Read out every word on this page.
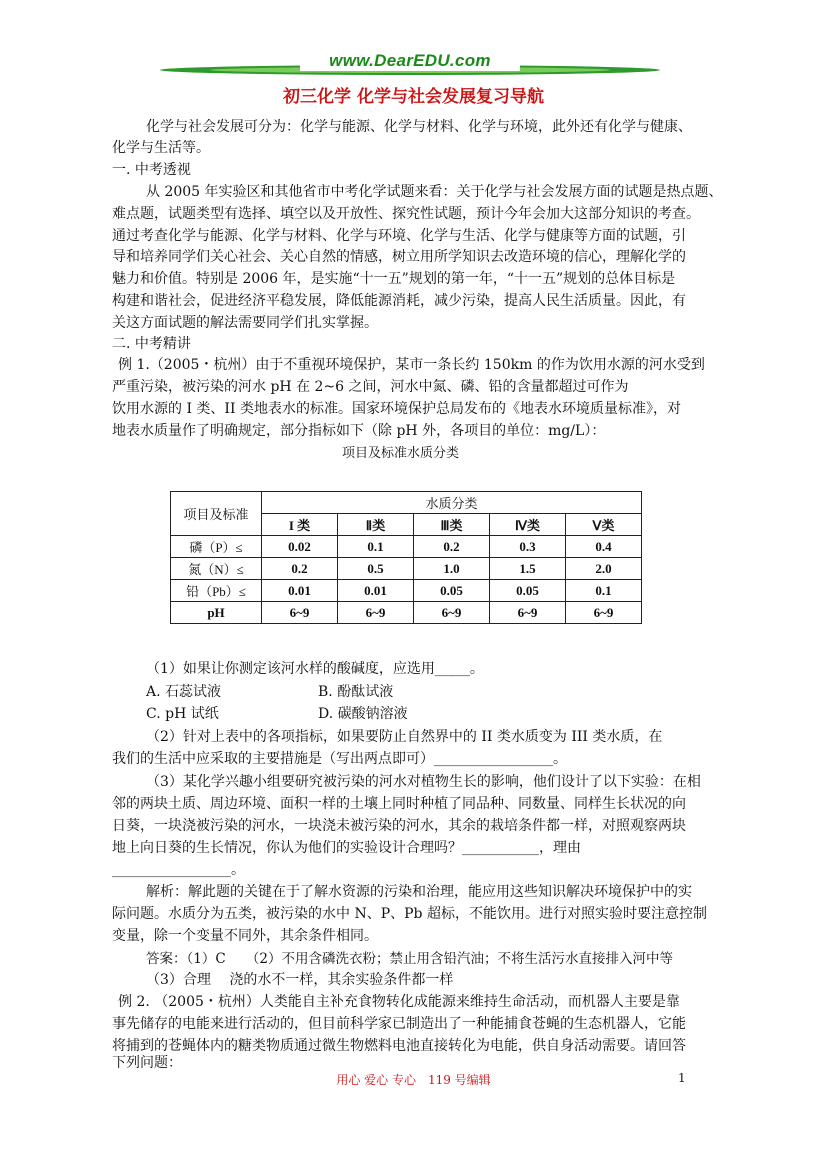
www.DearEDU.com
初三化学 化学与社会发展复习导航
化学与社会发展可分为：化学与能源、化学与材料、化学与环境，此外还有化学与健康、
化学与生活等。
一. 中考透视
从 2005 年实验区和其他省市中考化学试题来看：关于化学与社会发展方面的试题是热点题、
难点题，试题类型有选择、填空以及开放性、探究性试题，预计今年会加大这部分知识的考查。
通过考查化学与能源、化学与材料、化学与环境、化学与生活、化学与健康等方面的试题，引
导和培养同学们关心社会、关心自然的情感，树立用所学知识去改造环境的信心，理解化学的
魅力和价值。特别是 2006 年，是实施“十一五”规划的第一年，“十一五”规划的总体目标是
构建和谐社会，促进经济平稳发展，降低能源消耗，减少污染，提高人民生活质量。因此，有
关这方面试题的解法需要同学们扎实掌握。
二. 中考精讲
例 1.（2005・杭州）由于不重视环境保护，某市一条长约 150km 的作为饮用水源的河水受到
严重污染，被污染的河水 pH 在 2~6 之间，河水中氮、磷、铅的含量都超过可作为
饮用水源的 I 类、II 类地表水的标准。国家环境保护总局发布的《地表水环境质量标准》，对
地表水质量作了明确规定，部分指标如下（除 pH 外，各项目的单位：mg/L）：
项目及标准水质分类
项目及标准	水质分类				
	I 类	Ⅱ类	Ⅲ类	Ⅳ类	Ⅴ类
磷（P）≤	0.02	0.1	0.2	0.3	0.4
氮（N）≤	0.2	0.5	1.0	1.5	2.0
铅（Pb）≤	0.01	0.01	0.05	0.05	0.1
pH	6~9	6~9	6~9	6~9	6~9
（1）如果让你测定该河水样的酸碱度，应选用_____。
A. 石蕊试液	B. 酚酞试液
C. pH 试纸	D. 碳酸钠溶液
（2）针对上表中的各项指标，如果要防止自然界中的 II 类水质变为 III 类水质，在
我们的生活中应采取的主要措施是（写出两点即可）_________________。
（3）某化学兴趣小组要研究被污染的河水对植物生长的影响，他们设计了以下实验：在相
邻的两块土质、周边环境、面积一样的土壤上同时种植了同品种、同数量、同样生长状况的向
日葵，一块浇被污染的河水，一块浇未被污染的河水，其余的栽培条件都一样，对照观察两块
地上向日葵的生长情况，你认为他们的实验设计合理吗？___________，理由
_________________。
解析：解此题的关键在于了解水资源的污染和治理，能应用这些知识解决环境保护中的实
际问题。水质分为五类，被污染的水中 N、P、Pb 超标，不能饮用。进行对照实验时要注意控制
变量，除一个变量不同外，其余条件相同。
答案：（1）C　　（2）不用含磷洗衣粉；禁止用含铅汽油；不将生活污水直接排入河中等
（3）合理　 浇的水不一样，其余实验条件都一样
例 2. （2005・杭州）人类能自主补充食物转化成能源来维持生命活动，而机器人主要是靠
事先储存的电能来进行活动的，但目前科学家已制造出了一种能捕食苍蝇的生态机器人，它能
将捕到的苍蝇体内的糖类物质通过微生物燃料电池直接转化为电能，供自身活动需要。请回答
下列问题：
用心 爱心 专心　119 号编辑	1
